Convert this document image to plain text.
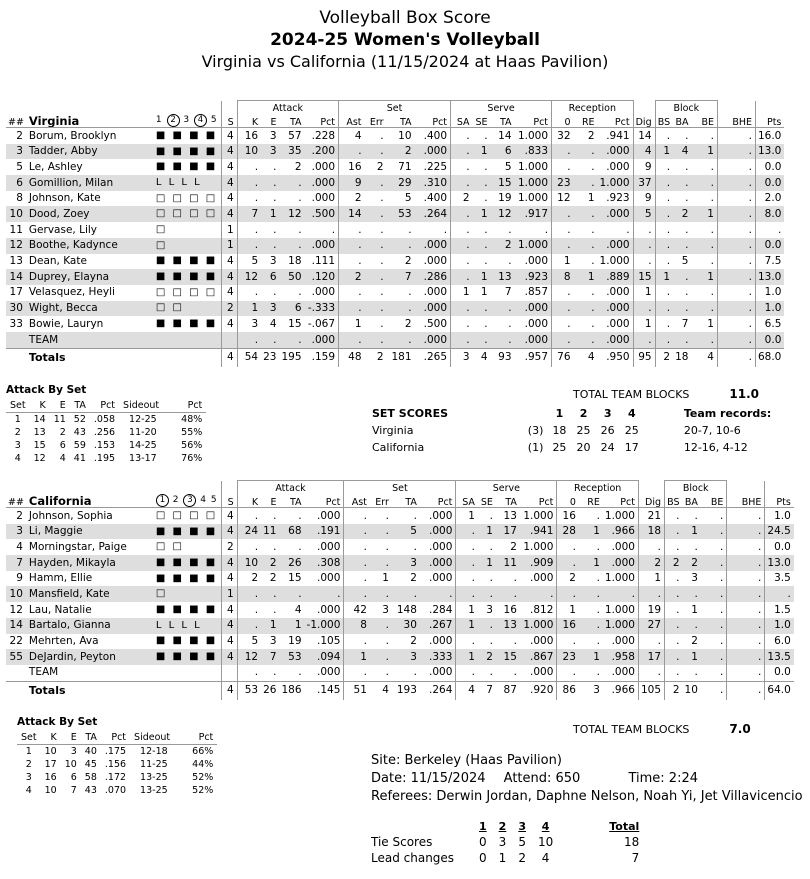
Volleyball Box Score
2024-25 Women's Volleyball
Virginia vs California (11/15/2024 at Haas Pavilion)
				Attack				Set				Serve				Reception				Block				
##	Virginia	1 2 3 4 5	S	K	E	TA	Pct	Ast	Err	TA	Pct	SA	SE	TA	Pct	0	RE	Pct	Dig	BS	BA	BE	BHE	Pts
2	Borum, Brooklyn	■ ■ ■ ■	4	16	3	57	.228	4	.	10	.400	.	.	14	1.000	32	2	.941	14	.	.	.	.	16.0
3	Tadder, Abby	■ ■ ■ ■	4	10	3	35	.200	.	.	2	.000	.	1	6	.833	.	.	.000	4	1	4	1	.	13.0
5	Le, Ashley	■ ■ ■ ■	4	.	.	2	.000	16	2	71	.225	.	.	5	1.000	.	.	.000	9	.	.	.	.	0.0
6	Gomillion, Milan	L L L L	4	.	.	.	.000	9	.	29	.310	.	.	15	1.000	23	.	1.000	37	.	.	.	.	0.0
8	Johnson, Kate	□ □ □ □	4	.	.	.	.000	2	.	5	.400	2	.	19	1.000	12	1	.923	9	.	.	.	.	2.0
10	Dood, Zoey	□ □ □ □	4	7	1	12	.500	14	.	53	.264	.	1	12	.917	.	.	.000	5	.	2	1	.	8.0
11	Gervase, Lily	□	1	.	.	.	.	.	.	.	.	.	.	.	.	.	.	.	.	.	.	.	.	.
12	Boothe, Kadynce	□	1	.	.	.	.000	.	.	.	.000	.	.	2	1.000	.	.	.000	.	.	.	.	.	0.0
13	Dean, Kate	■ ■ ■ ■	4	5	3	18	.111	.	.	2	.000	.	.	.	.000	1	.	1.000	.	.	5	.	.	7.5
14	Duprey, Elayna	■ ■ ■ ■	4	12	6	50	.120	2	.	7	.286	.	1	13	.923	8	1	.889	15	1	.	1	.	13.0
17	Velasquez, Heyli	□ □ □ □	4	.	.	.	.000	.	.	.	.000	1	1	7	.857	.	.	.000	1	.	.	.	.	1.0
30	Wight, Becca	□ □	2	1	3	6	-.333	.	.	.	.000	.	.	.	.000	.	.	.000	.	.	.	.	.	1.0
33	Bowie, Lauryn	■ ■ ■ ■	4	3	4	15	-.067	1	.	2	.500	.	.	.	.000	.	.	.000	1	.	7	1	.	6.5
	TEAM			.	.	.	.000	.	.	.	.000	.	.	.	.000	.	.	.000	.	.	.	.	.	0.0
	Totals		4	54	23	195	.159	48	2	181	.265	3	4	93	.957	76	4	.950	95	2	18	4	.	68.0
Attack By Set
Set	K	E	TA	Pct	Sideout	Pct
1	14	11	52	.058	12-25	48%
2	13	2	43	.256	11-20	55%
3	15	6	59	.153	14-25	56%
4	12	4	41	.195	13-17	76%
TOTAL TEAM BLOCKS	11.0
SET SCORES		1	2	3	4	Team records:
Virginia	(3)	18	25	26	25	20-7, 10-6
California	(1)	25	20	24	17	12-16, 4-12
				Attack				Set				Serve				Reception				Block				
##	California	1 2 3 4 5	S	K	E	TA	Pct	Ast	Err	TA	Pct	SA	SE	TA	Pct	0	RE	Pct	Dig	BS	BA	BE	BHE	Pts
2	Johnson, Sophia	□ □ □ □	4	.	.	.	.000	.	.	.	.000	1	.	13	1.000	16	.	1.000	21	.	.	.	.	1.0
3	Li, Maggie	■ ■ ■ ■	4	24	11	68	.191	.	.	5	.000	.	1	17	.941	28	1	.966	18	.	1	.	.	24.5
4	Morningstar, Paige	□ □	2	.	.	.	.000	.	.	.	.000	.	.	2	1.000	.	.	.000	.	.	.	.	.	0.0
7	Hayden, Mikayla	■ ■ ■ ■	4	10	2	26	.308	.	.	3	.000	.	1	11	.909	.	1	.000	2	2	2	.	.	13.0
9	Hamm, Ellie	■ ■ ■ ■	4	2	2	15	.000	.	1	2	.000	.	.	.	.000	2	.	1.000	1	.	3	.	.	3.5
10	Mansfield, Kate	□	1	.	.	.	.	.	.	.	.	.	.	.	.	.	.	.	.	.	.	.	.	.
12	Lau, Natalie	■ ■ ■ ■	4	.	.	4	.000	42	3	148	.284	1	3	16	.812	1	.	1.000	19	.	1	.	.	1.5
14	Bartalo, Gianna	L L L L	4	.	1	1	-1.000	8	.	30	.267	1	.	13	1.000	16	.	1.000	27	.	.	.	.	1.0
22	Mehrten, Ava	■ ■ ■ ■	4	5	3	19	.105	.	.	2	.000	.	.	.	.000	.	.	.000	.	.	2	.	.	6.0
55	DeJardin, Peyton	■ ■ ■ ■	4	12	7	53	.094	1	.	3	.333	1	2	15	.867	23	1	.958	17	.	1	.	.	13.5
	TEAM			.	.	.	.000	.	.	.	.000	.	.	.	.000	.	.	.000	.	.	.	.	.	0.0
	Totals		4	53	26	186	.145	51	4	193	.264	4	7	87	.920	86	3	.966	105	2	10	.	.	64.0
Attack By Set
Set	K	E	TA	Pct	Sideout	Pct
1	10	3	40	.175	12-18	66%
2	17	10	45	.156	11-25	44%
3	16	6	58	.172	13-25	52%
4	10	7	43	.070	13-25	52%
TOTAL TEAM BLOCKS	7.0
Site: Berkeley (Haas Pavilion)
Date: 11/15/2024 Attend: 650	Time: 2:24
Referees: Derwin Jordan, Daphne Nelson, Noah Yi, Jet Villavicencio
	1	2	3	4	Total
Tie Scores	0	3	5	10	18
Lead changes	0	1	2	4	7
